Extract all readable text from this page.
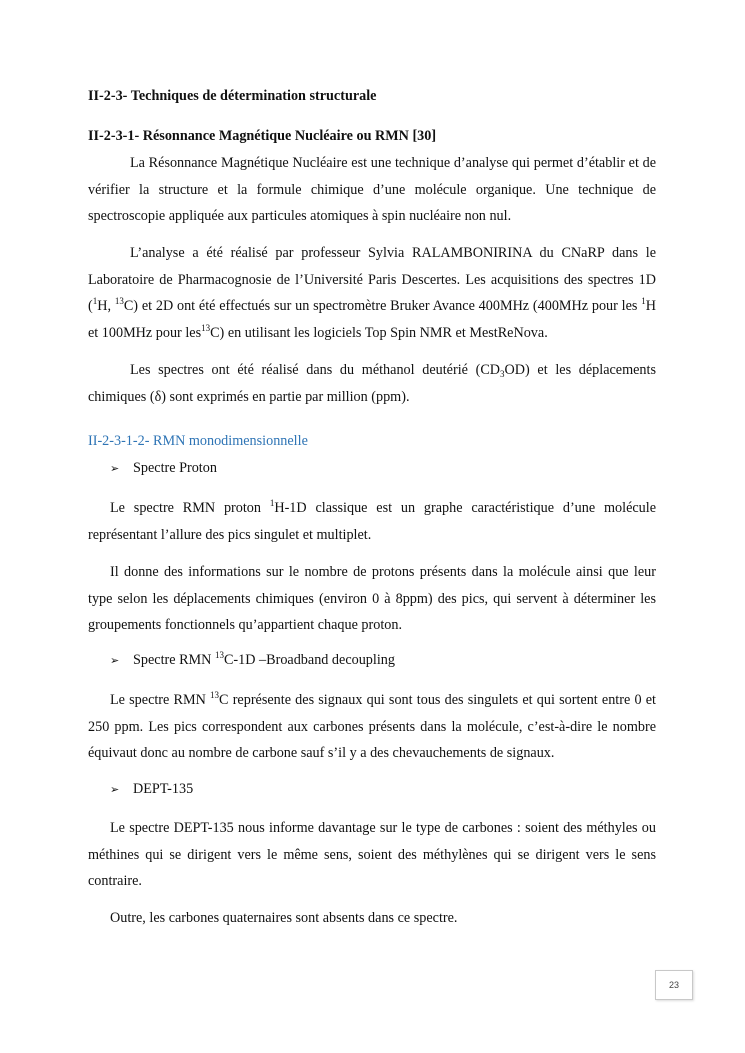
II-2-3- Techniques de détermination structurale
II-2-3-1- Résonnance Magnétique Nucléaire ou RMN [30]
La Résonnance Magnétique Nucléaire est une technique d’analyse qui permet d’établir et de vérifier la structure et la formule chimique d’une molécule organique. Une technique de spectroscopie appliquée aux particules atomiques à spin nucléaire non nul.
L’analyse a été réalisé par professeur Sylvia RALAMBONIRINA du CNaRP dans le Laboratoire de Pharmacognosie de l’Université Paris Descertes. Les acquisitions des spectres 1D ($^1$H, $^{13}$C) et 2D ont été effectués sur un spectromètre Bruker Avance 400MHz (400MHz pour les $^1$H et 100MHz pour les$^{13}$C) en utilisant les logiciels Top Spin NMR et MestReNova.
Les spectres ont été réalisé dans du méthanol deutérié $(CD_3OD)$ et les déplacements chimiques (δ) sont exprimés en partie par million (ppm).
II-2-3-1-2- RMN monodimensionnelle
➢ Spectre Proton
Le spectre RMN proton $^1$H-1D classique est un graphe caractéristique d’une molécule représentant l’allure des pics singulet et multiplet.
Il donne des informations sur le nombre de protons présents dans la molécule ainsi que leur type selon les déplacements chimiques (environ 0 à 8ppm) des pics, qui servent à déterminer les groupements fonctionnels qu’appartient chaque proton.
➢ Spectre RMN $^{13}$C-1D –Broadband decoupling
Le spectre RMN $^{13}$C représente des signaux qui sont tous des singulets et qui sortent entre 0 et 250 ppm. Les pics correspondent aux carbones présents dans la molécule, c’est-à-dire le nombre équivaut donc au nombre de carbone sauf s’il y a des chevauchements de signaux.
➢ DEPT-135
Le spectre DEPT-135 nous informe davantage sur le type de carbones : soient des méthyles ou méthines qui se dirigent vers le même sens, soient des méthylènes qui se dirigent vers le sens contraire.
Outre, les carbones quaternaires sont absents dans ce spectre.
23
